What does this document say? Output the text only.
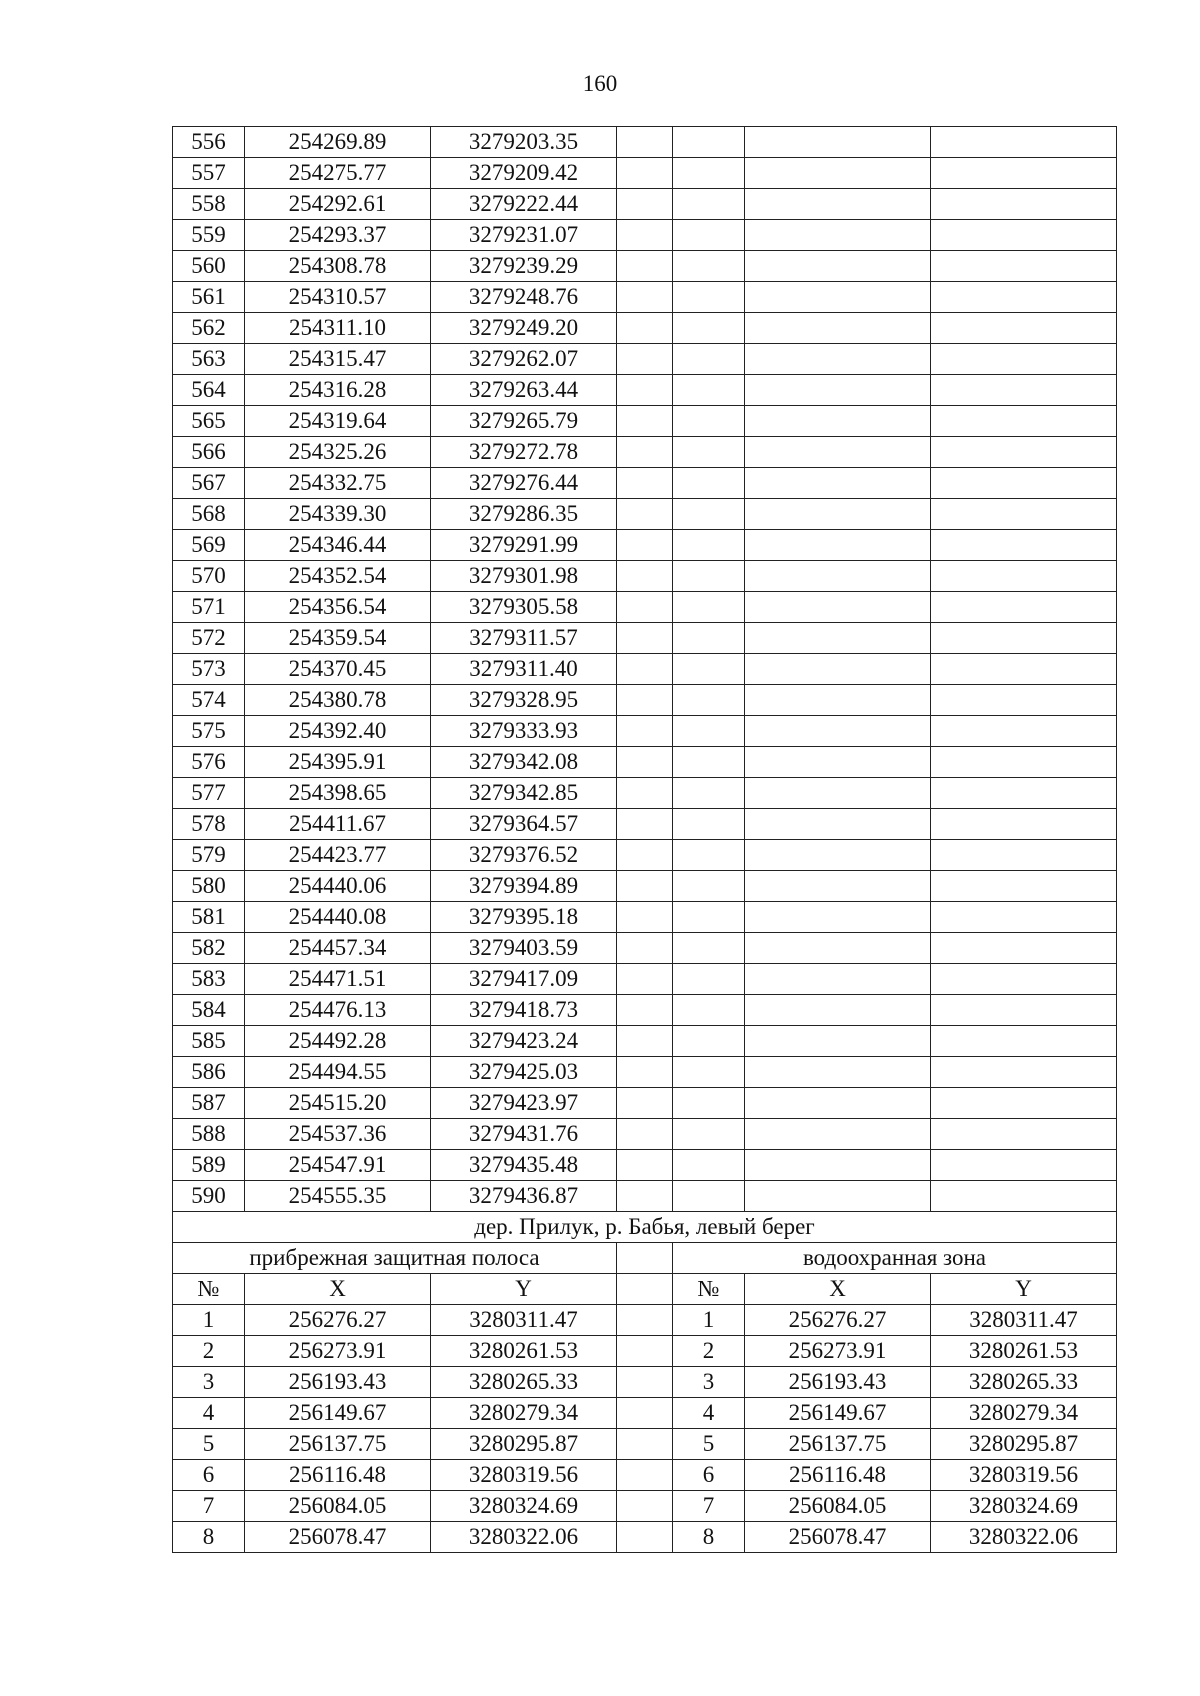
160
556	254269.89	3279203.35				
557	254275.77	3279209.42				
558	254292.61	3279222.44				
559	254293.37	3279231.07				
560	254308.78	3279239.29				
561	254310.57	3279248.76				
562	254311.10	3279249.20				
563	254315.47	3279262.07				
564	254316.28	3279263.44				
565	254319.64	3279265.79				
566	254325.26	3279272.78				
567	254332.75	3279276.44				
568	254339.30	3279286.35				
569	254346.44	3279291.99				
570	254352.54	3279301.98				
571	254356.54	3279305.58				
572	254359.54	3279311.57				
573	254370.45	3279311.40				
574	254380.78	3279328.95				
575	254392.40	3279333.93				
576	254395.91	3279342.08				
577	254398.65	3279342.85				
578	254411.67	3279364.57				
579	254423.77	3279376.52				
580	254440.06	3279394.89				
581	254440.08	3279395.18				
582	254457.34	3279403.59				
583	254471.51	3279417.09				
584	254476.13	3279418.73				
585	254492.28	3279423.24				
586	254494.55	3279425.03				
587	254515.20	3279423.97				
588	254537.36	3279431.76				
589	254547.91	3279435.48				
590	254555.35	3279436.87				
дер. Прилук, р. Бабья, левый берег						
прибрежная защитная полоса				водоохранная зона		
№	X	Y		№	X	Y
1	256276.27	3280311.47		1	256276.27	3280311.47
2	256273.91	3280261.53		2	256273.91	3280261.53
3	256193.43	3280265.33		3	256193.43	3280265.33
4	256149.67	3280279.34		4	256149.67	3280279.34
5	256137.75	3280295.87		5	256137.75	3280295.87
6	256116.48	3280319.56		6	256116.48	3280319.56
7	256084.05	3280324.69		7	256084.05	3280324.69
8	256078.47	3280322.06		8	256078.47	3280322.06
